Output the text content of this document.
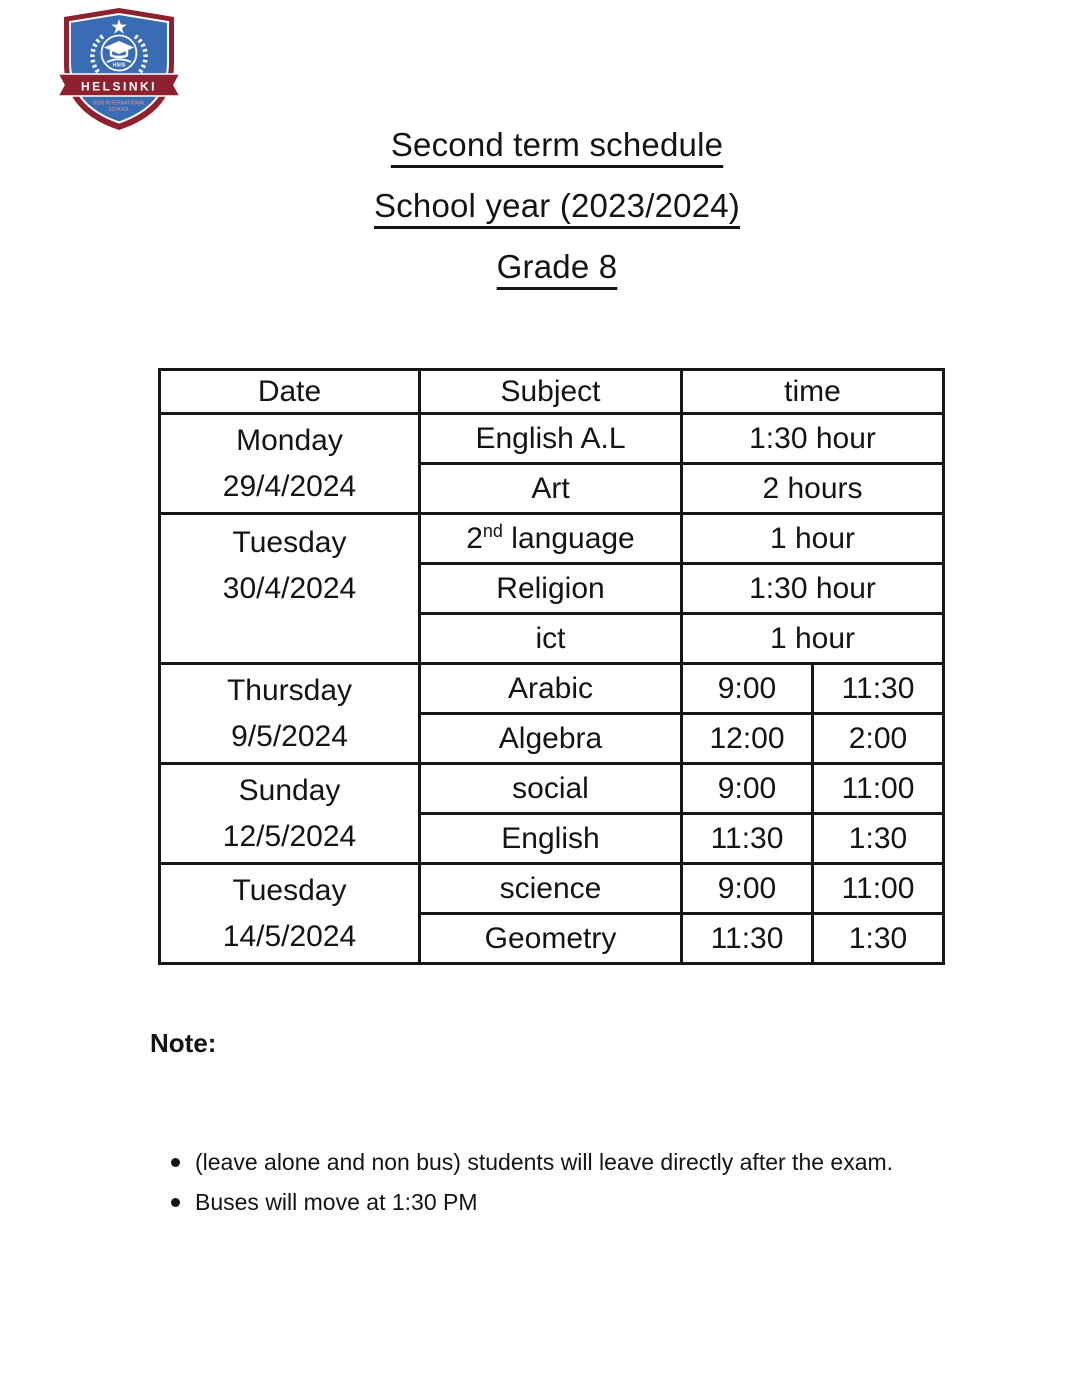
HSIS
HELSINKI
HSIS INTERNATIONAL
SCHOOL
Second term schedule
School year (2023/2024)
Grade 8
Date	Subject	time	

Monday
29/4/2024	English A.L	1:30 hour	
	Art	2 hours	

Tuesday
30/4/2024	2nd language	1 hour	
	Religion	1:30 hour	
	ict	1 hour	

Thursday
9/5/2024	Arabic	9:00	11:30
	Algebra	12:00	2:00

Sunday
12/5/2024	social	9:00	11:00
	English	11:30	1:30

Tuesday
14/5/2024	science	9:00	11:00
	Geometry	11:30	1:30
Note:
(leave alone and non bus) students will leave directly after the exam.
Buses will move at 1:30 PM
